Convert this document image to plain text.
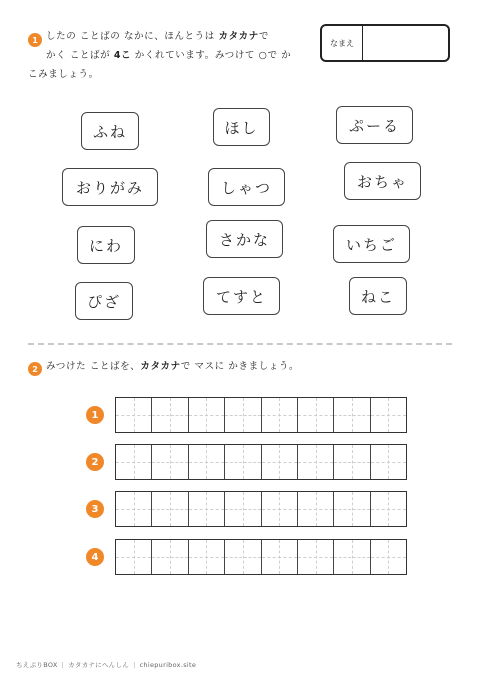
1 したの ことばの なかに、ほんとうは カタカナで
かく ことばが 4こ かくれています。みつけて ○で か

こみましょう。

なまえ
ふね	ほし	ぷーる
おりがみ	しゃつ	おちゃ
にわ	さかな	いちご
ぴざ	てすと	ねこ
2 みつけた ことばを、カタカナで マスに かきましょう。

1
2
3
4
ちえぶりBOX | カタカナにへんしん | chiepuribox.site
